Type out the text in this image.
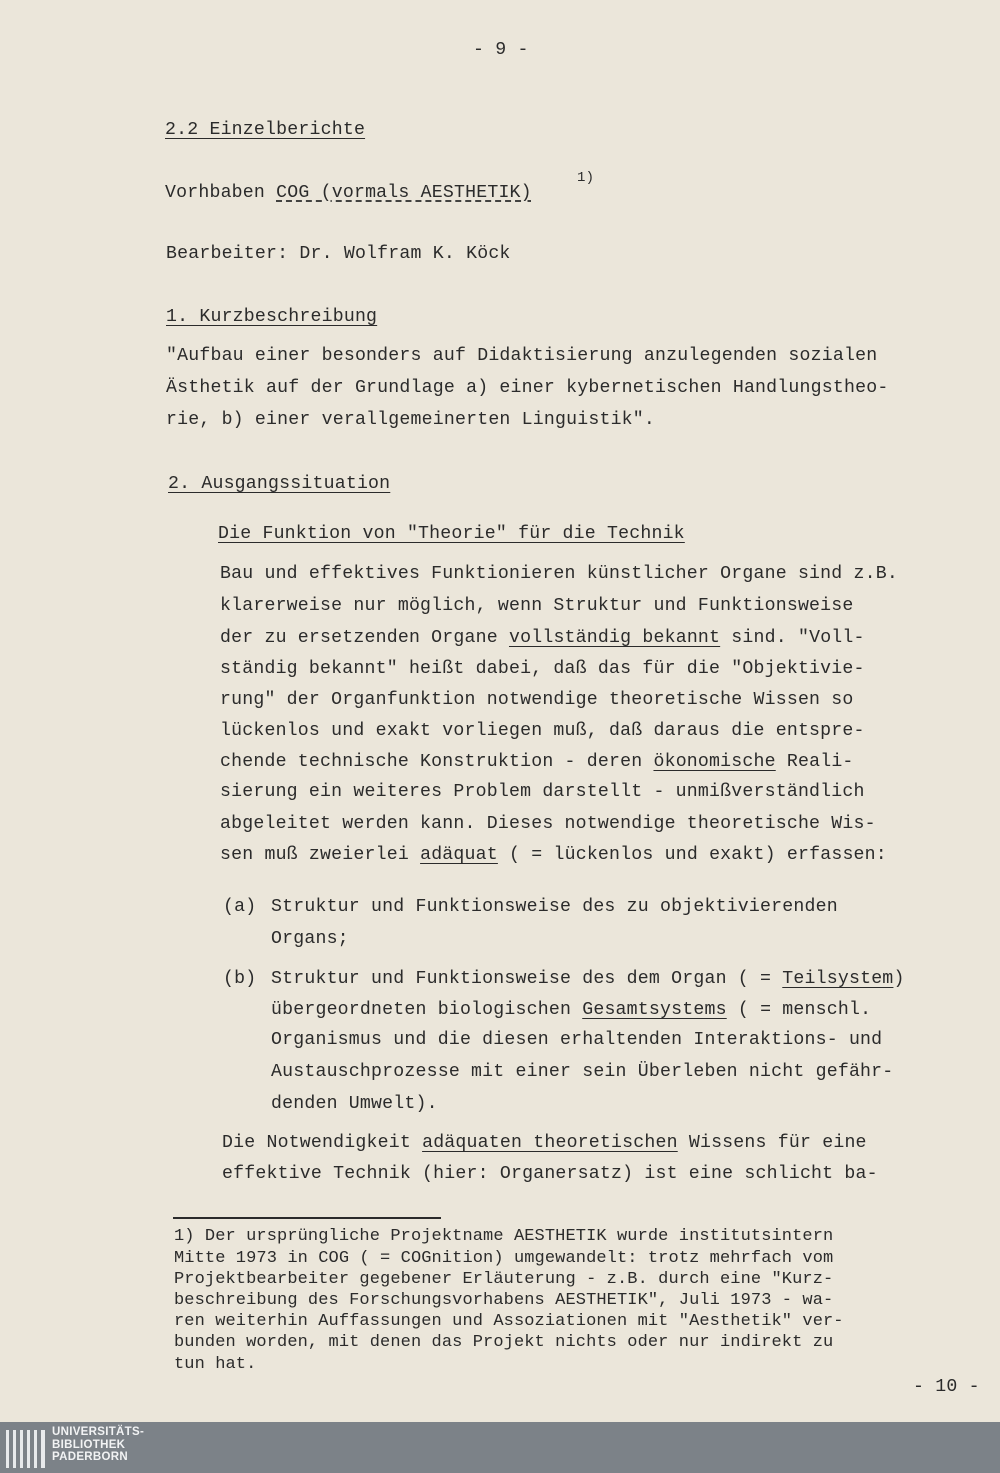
- 9 -
2.2 Einzelberichte
Vorhbaben COG (vormals AESTHETIK)
1)
Bearbeiter: Dr. Wolfram K. Köck
1. Kurzbeschreibung
"Aufbau einer besonders auf Didaktisierung anzulegenden sozialen
Ästhetik auf der Grundlage a) einer kybernetischen Handlungstheo-
rie, b) einer verallgemeinerten Linguistik".
2. Ausgangssituation
Die Funktion von "Theorie" für die Technik
Bau und effektives Funktionieren künstlicher Organe sind z.B.
klarerweise nur möglich, wenn Struktur und Funktionsweise
der zu ersetzenden Organe vollständig bekannt sind. "Voll-
ständig bekannt" heißt dabei, daß das für die "Objektivie-
rung" der Organfunktion notwendige theoretische Wissen so
lückenlos und exakt vorliegen muß, daß daraus die entspre-
chende technische Konstruktion - deren ökonomische Reali-
sierung ein weiteres Problem darstellt - unmißverständlich
abgeleitet werden kann. Dieses notwendige theoretische Wis-
sen muß zweierlei adäquat ( = lückenlos und exakt) erfassen:
(a) Struktur und Funktionsweise des zu objektivierenden
Organs;
(b) Struktur und Funktionsweise des dem Organ ( = Teilsystem)
übergeordneten biologischen Gesamtsystems ( = menschl.
Organismus und die diesen erhaltenden Interaktions- und
Austauschprozesse mit einer sein Überleben nicht gefähr-
denden Umwelt).
Die Notwendigkeit adäquaten theoretischen Wissens für eine
effektive Technik (hier: Organersatz) ist eine schlicht ba-
1) Der ursprüngliche Projektname AESTHETIK wurde institutsintern
Mitte 1973 in COG ( = COGnition) umgewandelt: trotz mehrfach vom
Projektbearbeiter gegebener Erläuterung - z.B. durch eine "Kurz-
beschreibung des Forschungsvorhabens AESTHETIK", Juli 1973 - wa-
ren weiterhin Auffassungen und Assoziationen mit "Aesthetik" ver-
bunden worden, mit denen das Projekt nichts oder nur indirekt zu
tun hat.
- 10 -
UNIVERSITÄTS-
BIBLIOTHEK
PADERBORN
